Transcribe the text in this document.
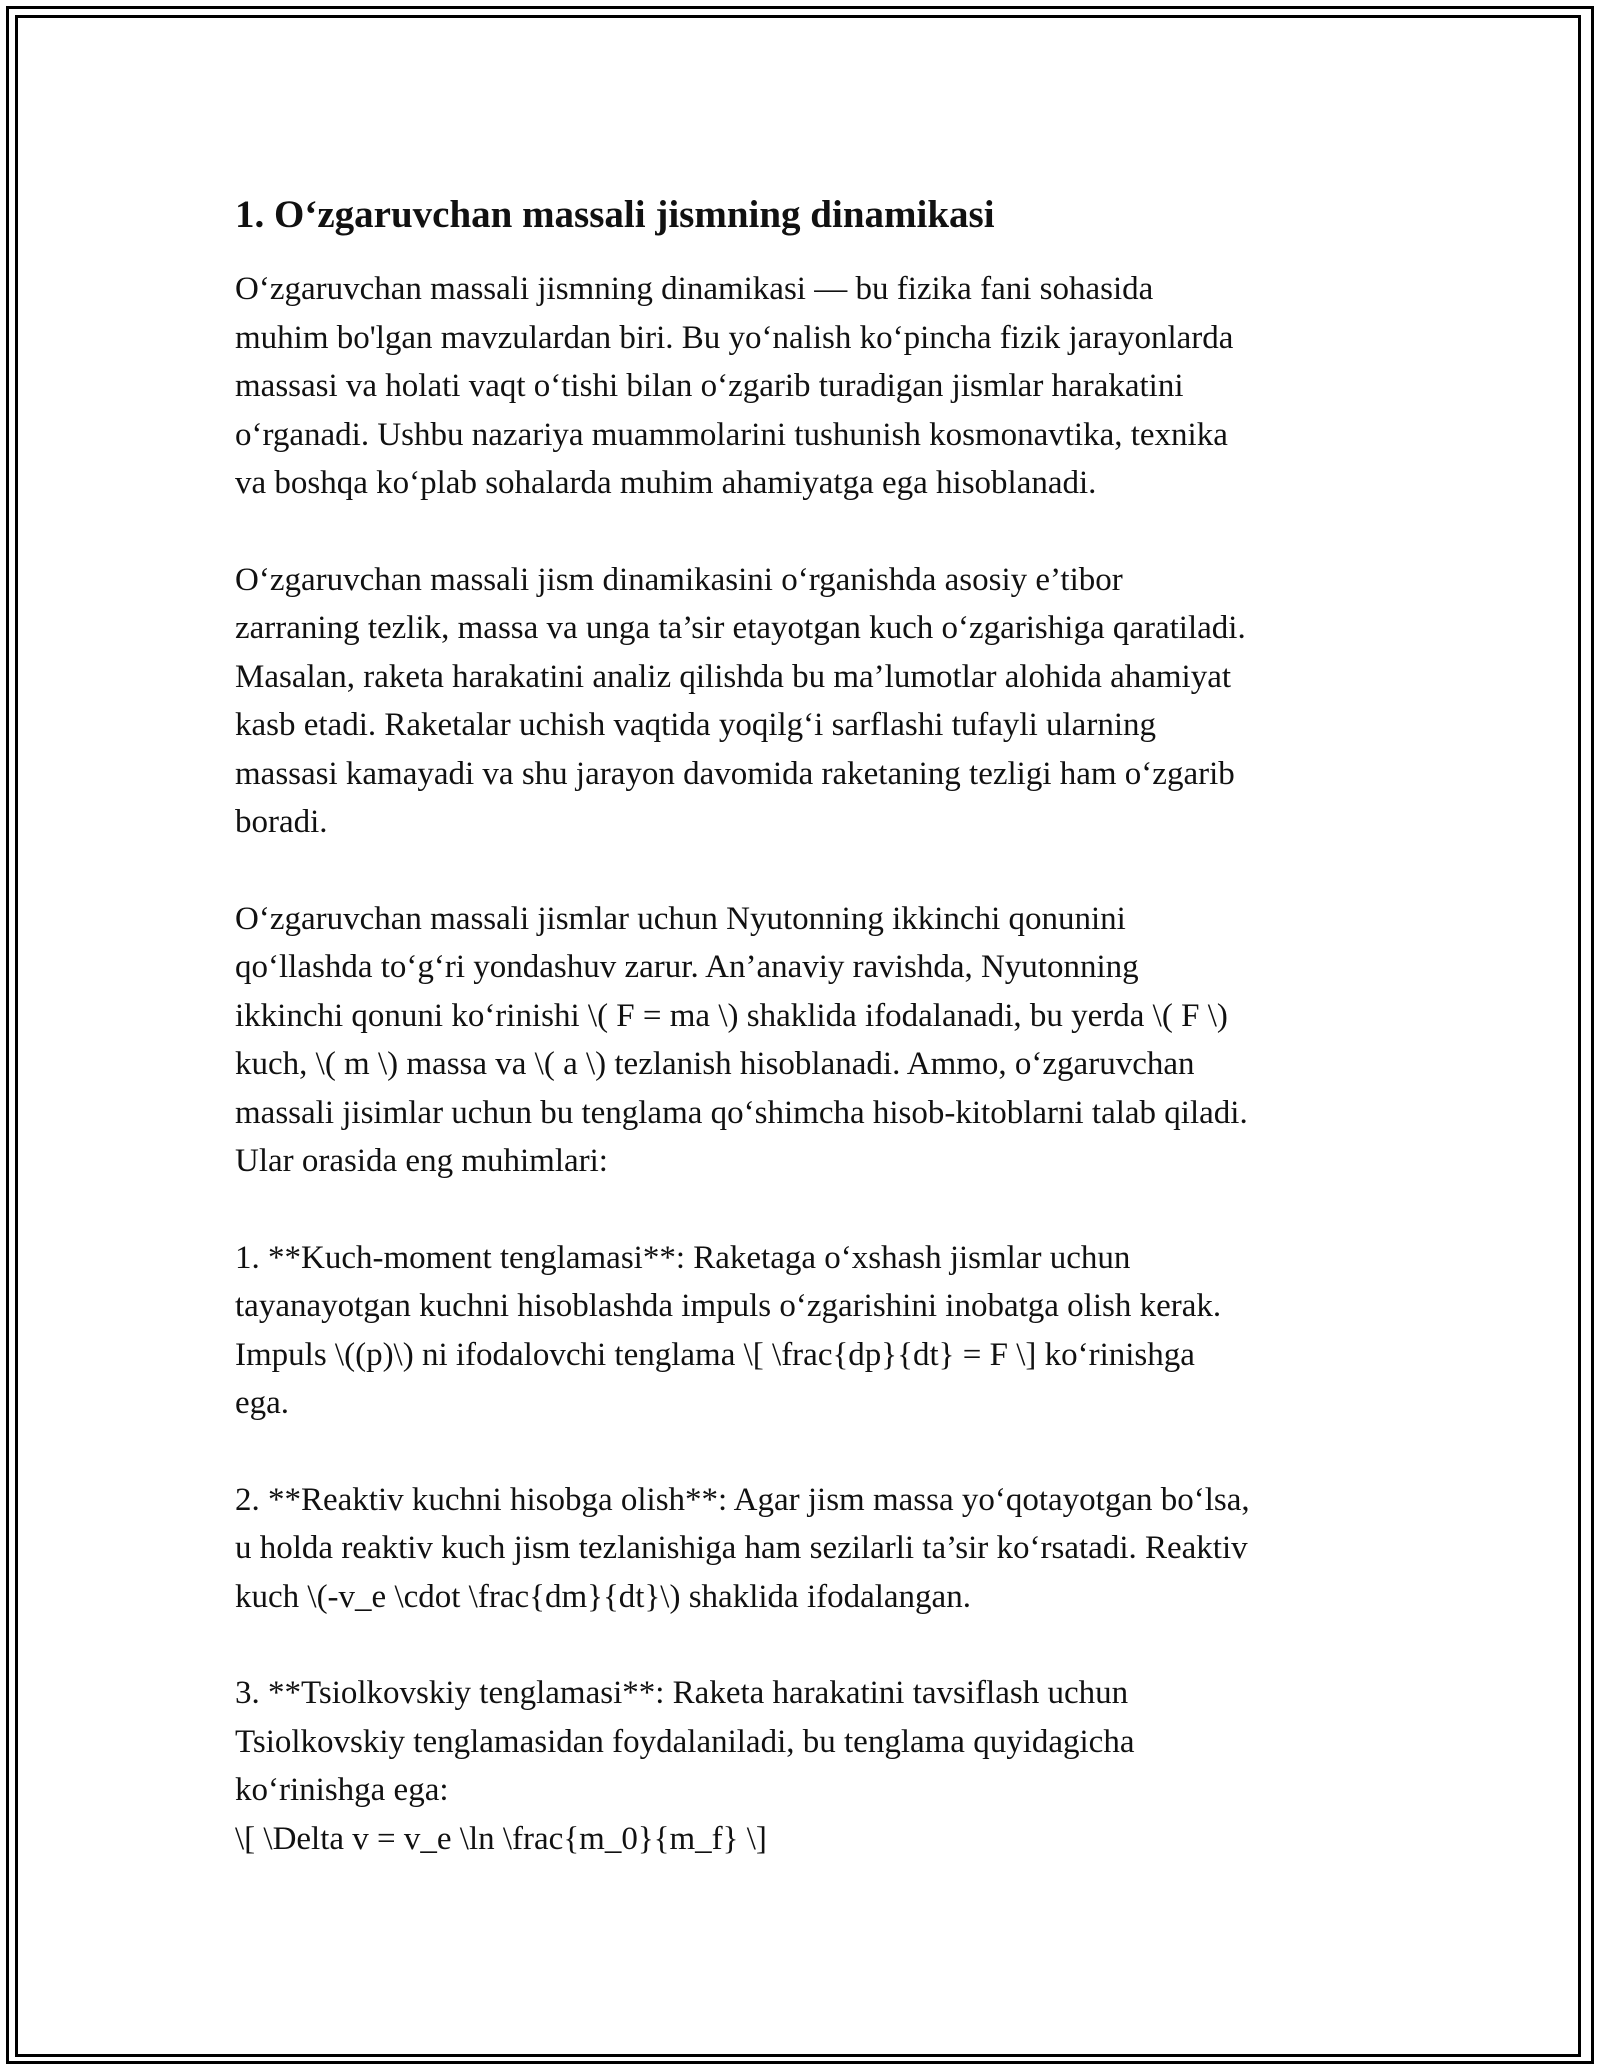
1. O‘zgaruvchan massali jismning dinamikasi

O‘zgaruvchan massali jismning dinamikasi — bu fizika fani sohasida
muhim bo'lgan mavzulardan biri. Bu yo‘nalish ko‘pincha fizik jarayonlarda
massasi va holati vaqt o‘tishi bilan o‘zgarib turadigan jismlar harakatini
o‘rganadi. Ushbu nazariya muammolarini tushunish kosmonavtika, texnika
va boshqa ko‘plab sohalarda muhim ahamiyatga ega hisoblanadi.

O‘zgaruvchan massali jism dinamikasini o‘rganishda asosiy e’tibor
zarraning tezlik, massa va unga ta’sir etayotgan kuch o‘zgarishiga qaratiladi.
Masalan, raketa harakatini analiz qilishda bu ma’lumotlar alohida ahamiyat
kasb etadi. Raketalar uchish vaqtida yoqilg‘i sarflashi tufayli ularning
massasi kamayadi va shu jarayon davomida raketaning tezligi ham o‘zgarib
boradi.

O‘zgaruvchan massali jismlar uchun Nyutonning ikkinchi qonunini
qo‘llashda to‘g‘ri yondashuv zarur. An’anaviy ravishda, Nyutonning
ikkinchi qonuni ko‘rinishi \( F = ma \) shaklida ifodalanadi, bu yerda \( F \)
kuch, \( m \) massa va \( a \) tezlanish hisoblanadi. Ammo, o‘zgaruvchan
massali jisimlar uchun bu tenglama qo‘shimcha hisob-kitoblarni talab qiladi.
Ular orasida eng muhimlari:

1. **Kuch-moment tenglamasi**: Raketaga o‘xshash jismlar uchun
tayanayotgan kuchni hisoblashda impuls o‘zgarishini inobatga olish kerak.
Impuls \((p)\) ni ifodalovchi tenglama \[ \frac{dp}{dt} = F \] ko‘rinishga
ega.

2. **Reaktiv kuchni hisobga olish**: Agar jism massa yo‘qotayotgan bo‘lsa,
u holda reaktiv kuch jism tezlanishiga ham sezilarli ta’sir ko‘rsatadi. Reaktiv
kuch \(-v_e \cdot \frac{dm}{dt}\) shaklida ifodalangan.

3. **Tsiolkovskiy tenglamasi**: Raketa harakatini tavsiflash uchun
Tsiolkovskiy tenglamasidan foydalaniladi, bu tenglama quyidagicha
ko‘rinishga ega:
\[ \Delta v = v_e \ln \frac{m_0}{m_f} \]
